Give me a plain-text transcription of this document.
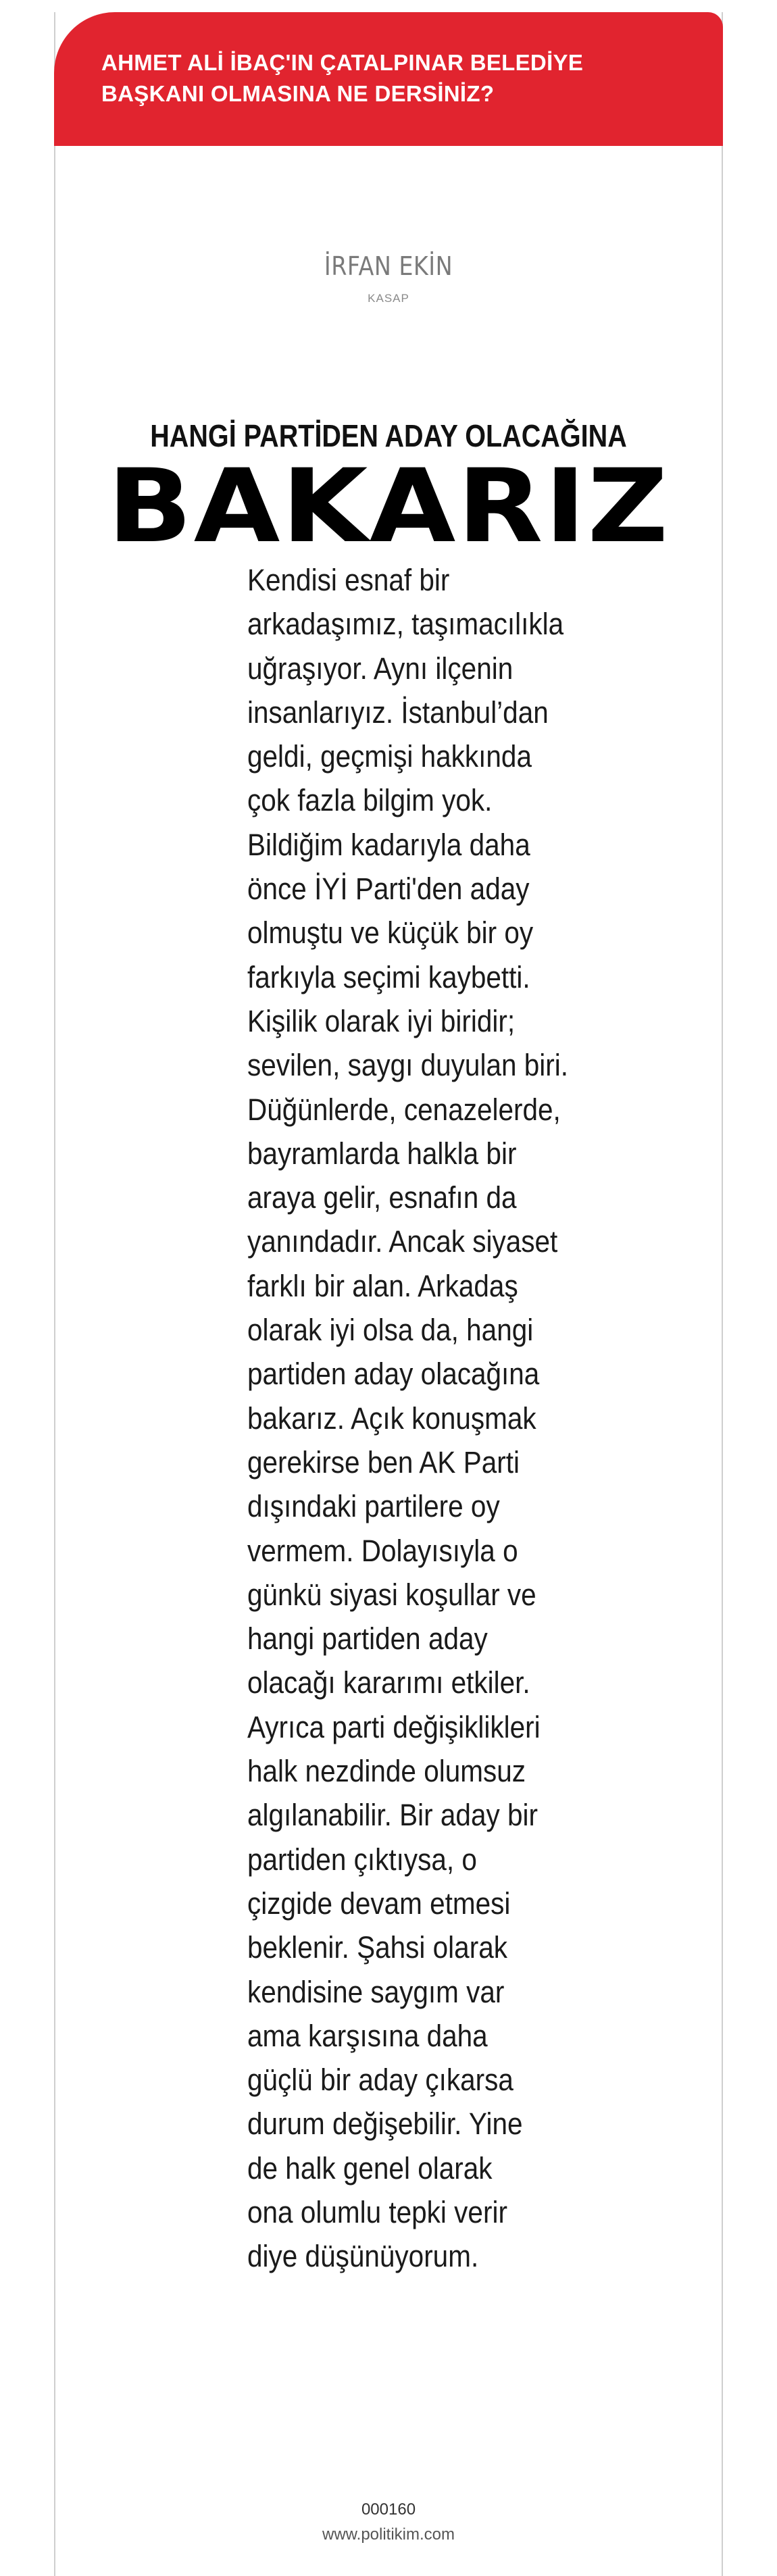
AHMET ALİ İBAÇ'IN ÇATALPINAR BELEDİYE

BAŞKANI OLMASINA NE DERSİNİZ?

İRFAN EKİN
KASAP
HANGİ PARTİDEN ADAY OLACAĞINA
BAKARIZ

Kendisi esnaf bir
arkadaşımız, taşımacılıkla
uğraşıyor. Aynı ilçenin
insanlarıyız. İstanbul’dan
geldi, geçmişi hakkında
çok fazla bilgim yok.
Bildiğim kadarıyla daha
önce İYİ Parti'den aday
olmuştu ve küçük bir oy
farkıyla seçimi kaybetti.
Kişilik olarak iyi biridir;
sevilen, saygı duyulan biri.
Düğünlerde, cenazelerde,
bayramlarda halkla bir
araya gelir, esnafın da
yanındadır. Ancak siyaset
farklı bir alan. Arkadaş
olarak iyi olsa da, hangi
partiden aday olacağına
bakarız. Açık konuşmak
gerekirse ben AK Parti
dışındaki partilere oy
vermem. Dolayısıyla o
günkü siyasi koşullar ve
hangi partiden aday
olacağı kararımı etkiler.
Ayrıca parti değişiklikleri
halk nezdinde olumsuz
algılanabilir. Bir aday bir
partiden çıktıysa, o
çizgide devam etmesi
beklenir. Şahsi olarak
kendisine saygım var
ama karşısına daha
güçlü bir aday çıkarsa
durum değişebilir. Yine
de halk genel olarak
ona olumlu tepki verir
diye düşünüyorum.

000160
www.politikim.com
